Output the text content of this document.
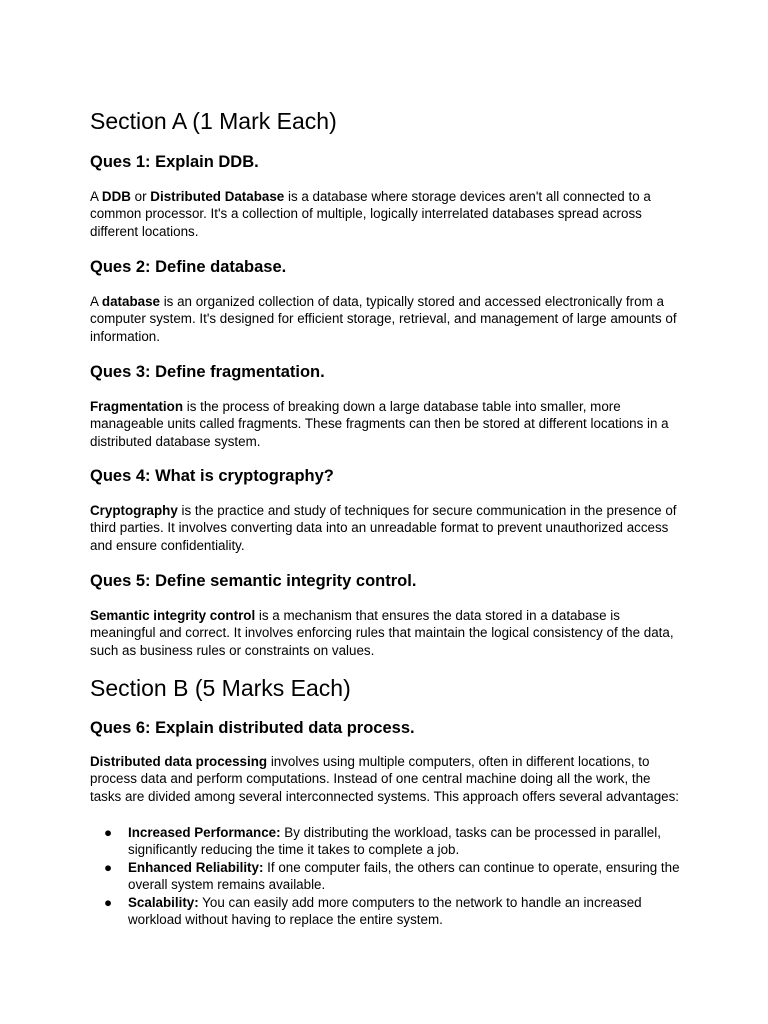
Section A (1 Mark Each)
Ques 1: Explain DDB.

A DDB or Distributed Database is a database where storage devices aren't all connected to a common processor. It's a collection of multiple, logically interrelated databases spread across different locations.

Ques 2: Define database.

A database is an organized collection of data, typically stored and accessed electronically from a computer system. It's designed for efficient storage, retrieval, and management of large amounts of information.

Ques 3: Define fragmentation.

Fragmentation is the process of breaking down a large database table into smaller, more manageable units called fragments. These fragments can then be stored at different locations in a distributed database system.

Ques 4: What is cryptography?

Cryptography is the practice and study of techniques for secure communication in the presence of third parties. It involves converting data into an unreadable format to prevent unauthorized access and ensure confidentiality.

Ques 5: Define semantic integrity control.

Semantic integrity control is a mechanism that ensures the data stored in a database is meaningful and correct. It involves enforcing rules that maintain the logical consistency of the data, such as business rules or constraints on values.

Section B (5 Marks Each)
Ques 6: Explain distributed data process.

Distributed data processing involves using multiple computers, often in different locations, to process data and perform computations. Instead of one central machine doing all the work, the tasks are divided among several interconnected systems. This approach offers several advantages:

● Increased Performance: By distributing the workload, tasks can be processed in parallel, significantly reducing the time it takes to complete a job.
● Enhanced Reliability: If one computer fails, the others can continue to operate, ensuring the overall system remains available.
● Scalability: You can easily add more computers to the network to handle an increased workload without having to replace the entire system.
